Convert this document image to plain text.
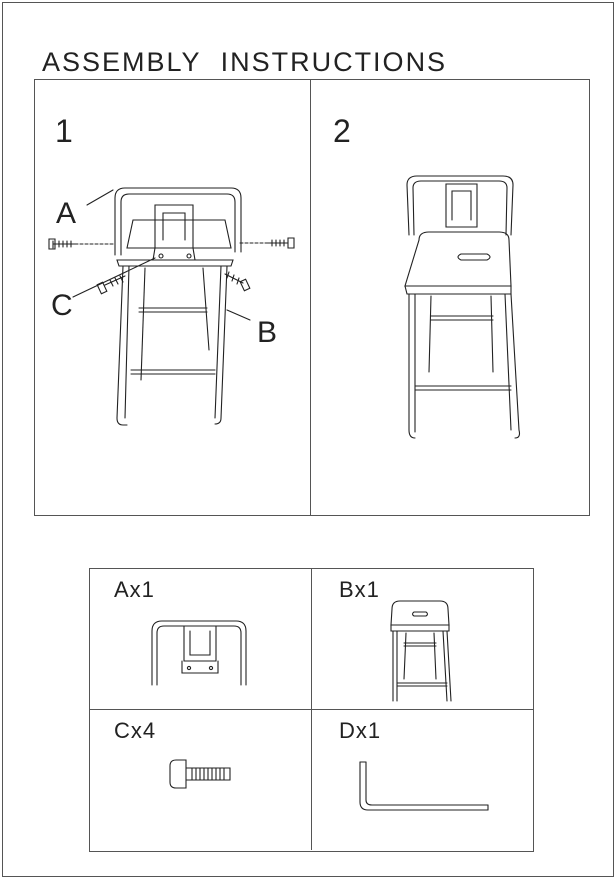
ASSEMBLY INSTRUCTIONS
1
A
B
C
2
Ax1	Bx1
Cx4	Dx1
